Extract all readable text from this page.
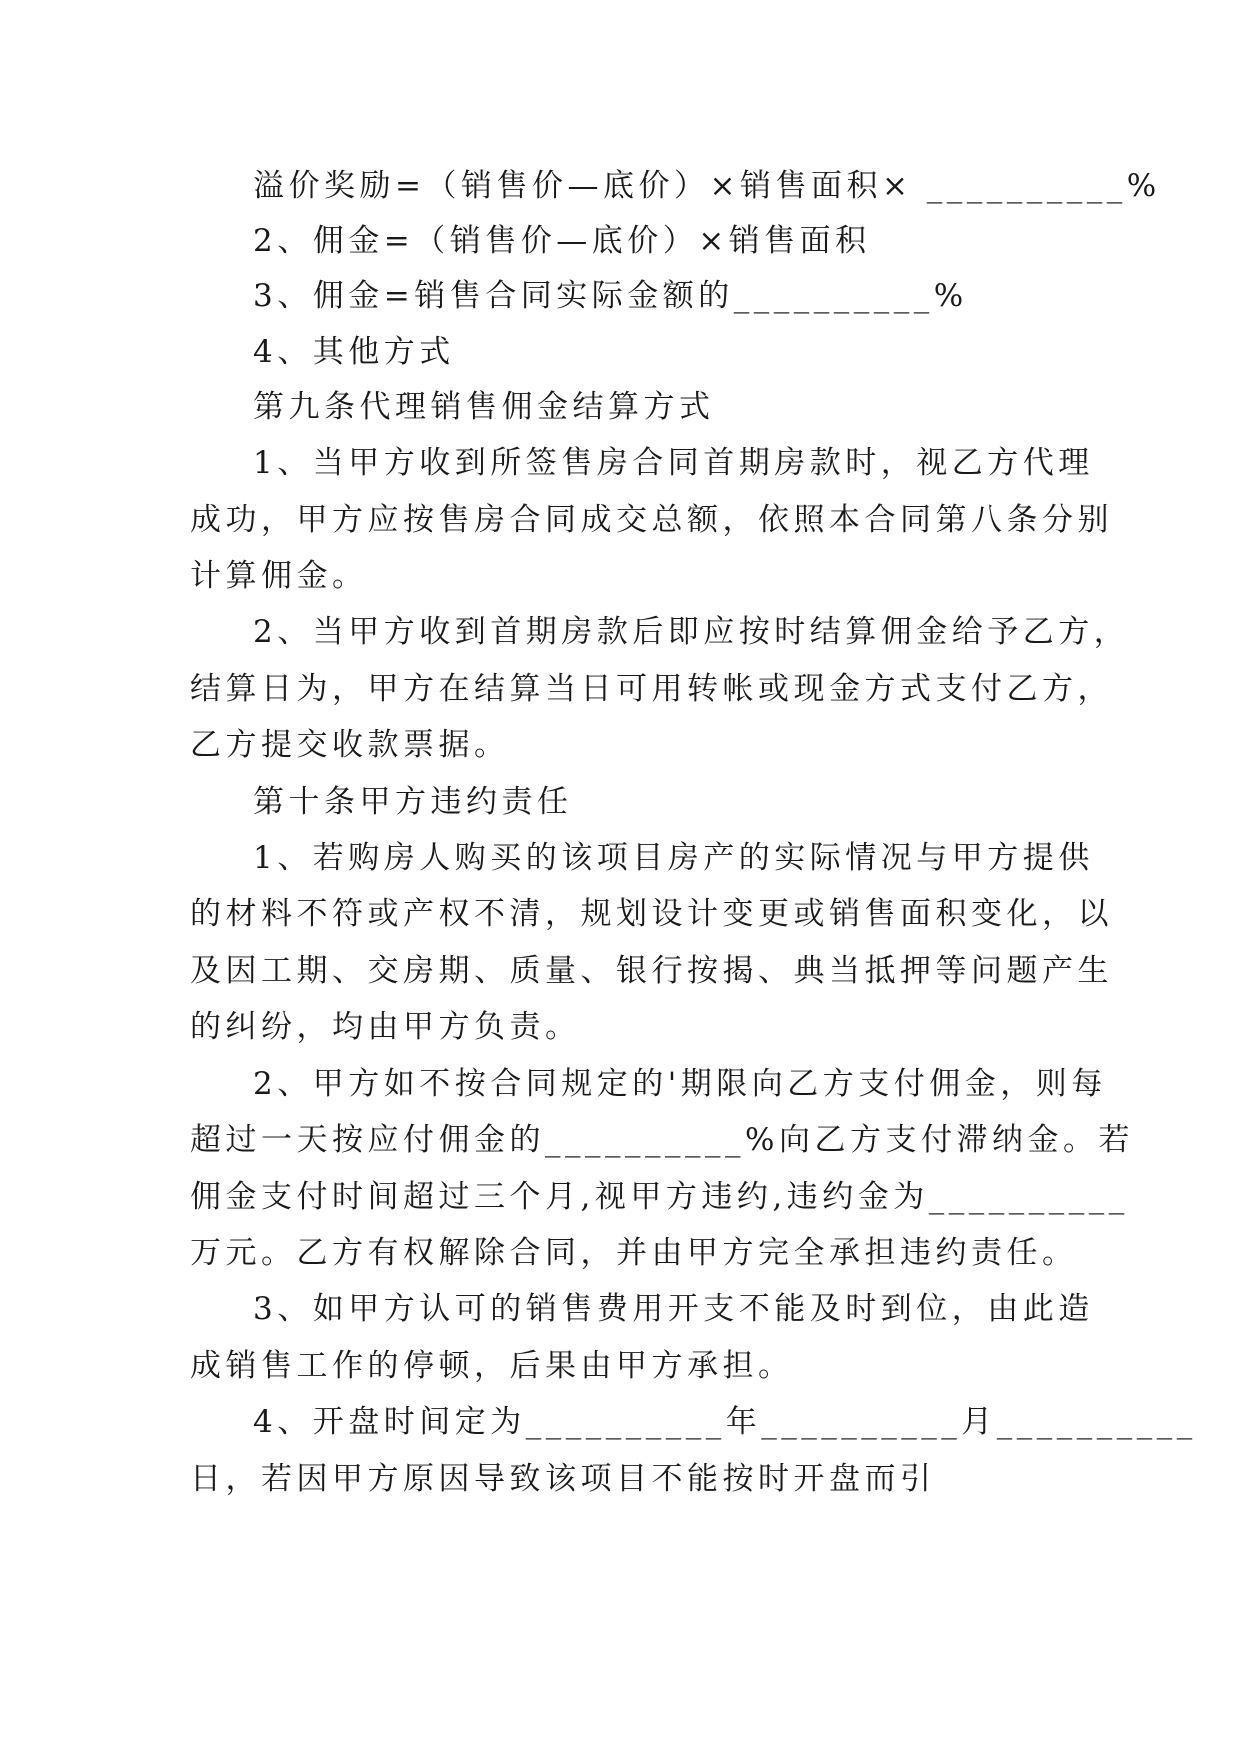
溢价奖励=（销售价—底价）×销售面积× __________%
2、佣金=（销售价—底价）×销售面积
3、佣金=销售合同实际金额的__________%
4、其他方式
第九条代理销售佣金结算方式
1、当甲方收到所签售房合同首期房款时，视乙方代理
成功，甲方应按售房合同成交总额，依照本合同第八条分别
计算佣金。
2、当甲方收到首期房款后即应按时结算佣金给予乙方，
结算日为，甲方在结算当日可用转帐或现金方式支付乙方，
乙方提交收款票据。
第十条甲方违约责任
1、若购房人购买的该项目房产的实际情况与甲方提供
的材料不符或产权不清，规划设计变更或销售面积变化，以
及因工期、交房期、质量、银行按揭、典当抵押等问题产生
的纠纷，均由甲方负责。
2、甲方如不按合同规定的'期限向乙方支付佣金，则每
超过一天按应付佣金的__________%向乙方支付滞纳金。若
佣金支付时间超过三个月,视甲方违约,违约金为__________
万元。乙方有权解除合同，并由甲方完全承担违约责任。
3、如甲方认可的销售费用开支不能及时到位，由此造
成销售工作的停顿，后果由甲方承担。
4、开盘时间定为__________年__________月__________
日，若因甲方原因导致该项目不能按时开盘而引
